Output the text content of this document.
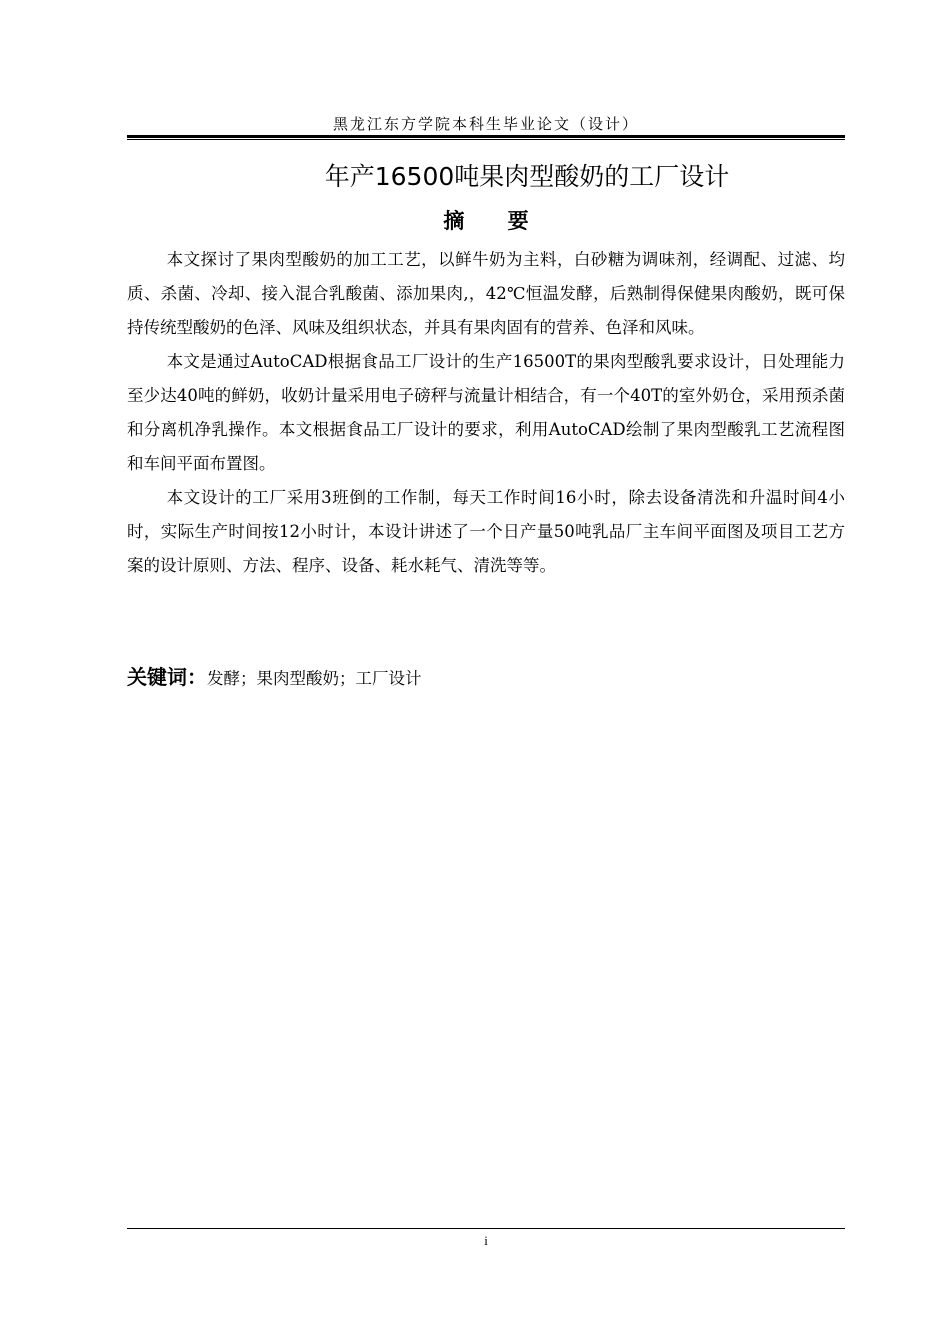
黑龙江东方学院本科生毕业论文（设计）
年产16500吨果肉型酸奶的工厂设计
摘 要

本文探讨了果肉型酸奶的加工工艺，以鲜牛奶为主料，白砂糖为调味剂，经调配、过滤、均质、杀菌、冷却、接入混合乳酸菌、添加果肉,，42℃恒温发酵，后熟制得保健果肉酸奶，既可保持传统型酸奶的色泽、风味及组织状态，并具有果肉固有的营养、色泽和风味。

本文是通过AutoCAD根据食品工厂设计的生产16500T的果肉型酸乳要求设计，日处理能力至少达40吨的鲜奶，收奶计量采用电子磅秤与流量计相结合，有一个40T的室外奶仓，采用预杀菌和分离机净乳操作。本文根据食品工厂设计的要求，利用AutoCAD绘制了果肉型酸乳工艺流程图和车间平面布置图。

本文设计的工厂采用3班倒的工作制，每天工作时间16小时，除去设备清洗和升温时间4小时，实际生产时间按12小时计，本设计讲述了一个日产量50吨乳品厂主车间平面图及项目工艺方案的设计原则、方法、程序、设备、耗水耗气、清洗等等。

关键词：发酵；果肉型酸奶；工厂设计
i
